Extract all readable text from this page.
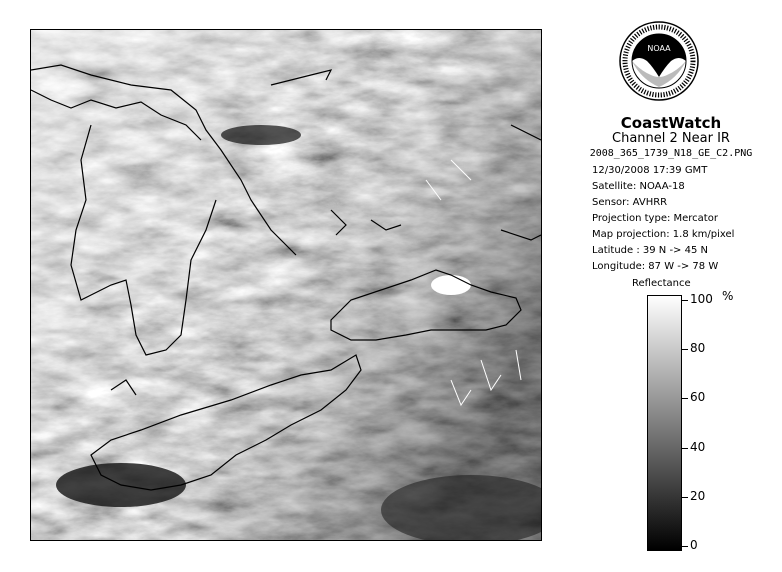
NOAA
CoastWatch
Channel 2 Near IR
2008_365_1739_N18_GE_C2.PNG
12/30/2008 17:39 GMT
Satellite: NOAA-18
Sensor: AVHRR
Projection type: Mercator
Map projection: 1.8 km/pixel
Latitude : 39 N -> 45 N
Longitude: 87 W -> 78 W
Reflectance
%
100
80
60
40
20
0
